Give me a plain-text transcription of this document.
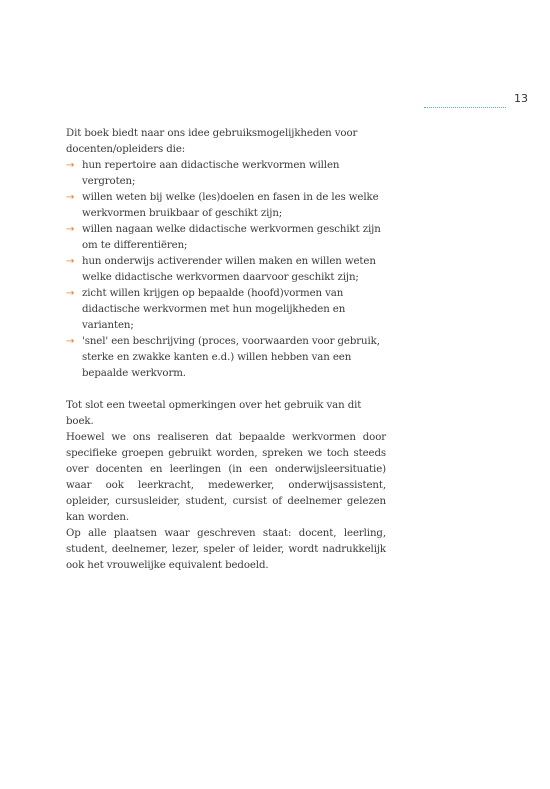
13

Dit boek biedt naar ons idee gebruiksmogelijkheden voor docenten/opleiders die:

→ hun repertoire aan didactische werkvormen willen vergroten;
→ willen weten bij welke (les)doelen en fasen in de les welke werkvormen bruikbaar of geschikt zijn;
→ willen nagaan welke didactische werkvormen geschikt zijn om te differentiëren;
→ hun onderwijs activerender willen maken en willen weten welke didactische werkvormen daarvoor geschikt zijn;
→ zicht willen krijgen op bepaalde (hoofd)vormen van didactische werkvormen met hun mogelijkheden en varianten;
→ 'snel' een beschrijving (proces, voorwaarden voor gebruik, sterke en zwakke kanten e.d.) willen hebben van een bepaalde werkvorm.

Tot slot een tweetal opmerkingen over het gebruik van dit boek.

Hoewel we ons realiseren dat bepaalde werkvormen door specifieke groepen gebruikt worden, spreken we toch steeds over docenten en leerlingen (in een onderwijsleersituatie) waar ook leerkracht, medewerker, onderwijsassistent, opleider, cursusleider, student, cursist of deelnemer gelezen kan worden.

Op alle plaatsen waar geschreven staat: docent, leerling, student, deelnemer, lezer, speler of leider, wordt nadrukkelijk ook het vrouwelijke equivalent bedoeld.
